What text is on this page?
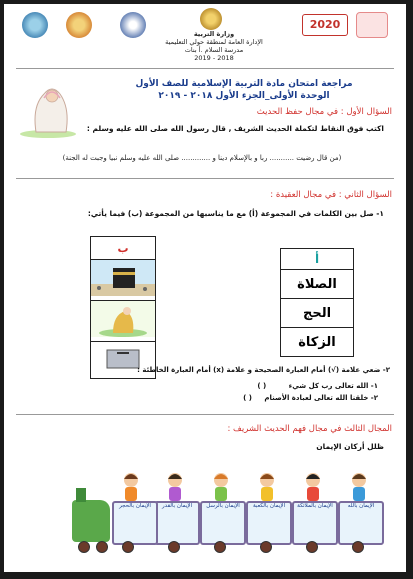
2020
وزارة التربية
الإدارة العامة لمنطقة حولي التعليمية
مدرسة السلام .أ بنات
2018 - 2019
مراجعة امتحان مادة التربية الإسلامية للصف الأول
الوحدة الأولى_الجزء الأول ٢٠١٨ - ٢٠١٩
السؤال الأول : في مجال حفظ الحديث
اكتب فوق النقاط لتكملة الحديث الشريف , قال رسول الله صلى الله عليه وسلم :
(من قال رضيت ........... ربا و بالإسلام دينا و ............. صلى الله عليه وسلم نبيا وجبت له الجنة)
السؤال الثاني : في مجال العقيدة :
١- صل بين الكلمات في المجموعة (أ) مع ما يناسبها من المجموعة (ب) فيما يأتي:
ب

أ
الصلاة
الحج
الزكاة
٢- ضعي علامة (√) أمام العبارة الصحيحة و علامة (x) أمام العبارة الخاطئة :
١- الله تعالى رب كل شيء ( )
٢- خلقنا الله تعالى لعبادة الأصنام ( )
المجال الثالث في مجال فهم الحديث الشريف :
ظلل أركان الإيمان
الإيمان بالله
الإيمان بالملائكة
الإيمان بالكعبة
الإيمان بالرسل
الإيمان بالقدر
الإيمان بالحجر
